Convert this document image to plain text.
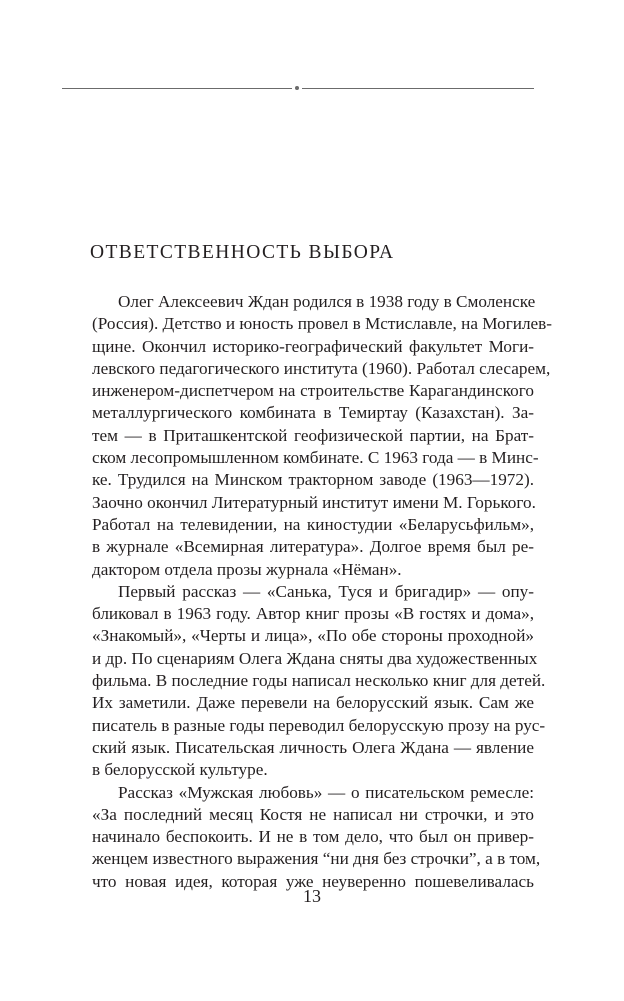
ОТВЕТСТВЕННОСТЬ ВЫБОРА
Олег Алексеевич Ждан родился в 1938 году в Смоленске
(Россия). Детство и юность провел в Мстиславле, на Могилев-
щине. Окончил историко-географический факультет Моги-
левского педагогического института (1960). Работал слесарем,
инженером-диспетчером на строительстве Карагандинского
металлургического комбината в Темиртау (Казахстан). За-
тем — в Приташкентской геофизической партии, на Брат-
ском лесопромышленном комбинате. С 1963 года — в Минс-
ке. Трудился на Минском тракторном заводе (1963—1972).
Заочно окончил Литературный институт имени М. Горького.
Работал на телевидении, на киностудии «Беларусьфильм»,
в журнале «Всемирная литература». Долгое время был ре-
дактором отдела прозы журнала «Нёман».
Первый рассказ — «Санька, Туся и бригадир» — опу-
бликовал в 1963 году. Автор книг прозы «В гостях и дома»,
«Знакомый», «Черты и лица», «По обе стороны проходной»
и др. По сценариям Олега Ждана сняты два художественных
фильма. В последние годы написал несколько книг для детей.
Их заметили. Даже перевели на белорусский язык. Сам же
писатель в разные годы переводил белорусскую прозу на рус-
ский язык. Писательская личность Олега Ждана — явление
в белорусской культуре.
Рассказ «Мужская любовь» — о писательском ремесле:
«За последний месяц Костя не написал ни строчки, и это
начинало беспокоить. И не в том дело, что был он привер-
женцем известного выражения “ни дня без строчки”, а в том,
что новая идея, которая уже неуверенно пошевеливалась
13
